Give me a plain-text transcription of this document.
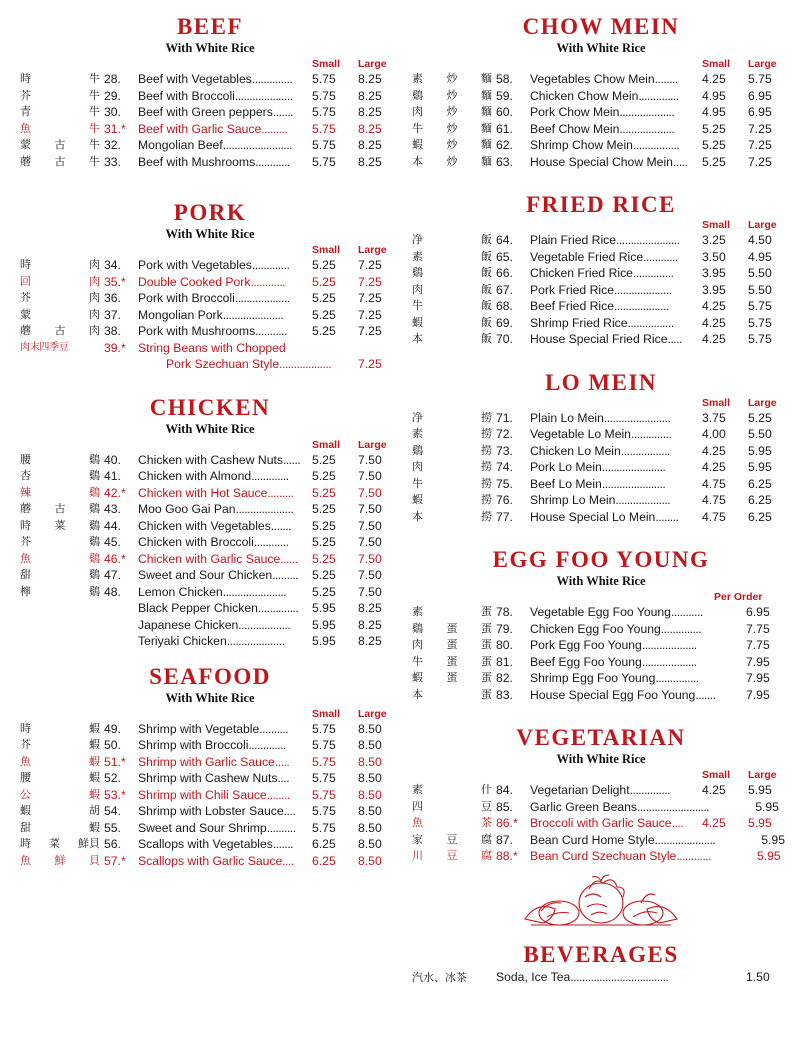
BEEF
With White Rice
Small	Large
時	牛 28.	Beef with Vegetables..............	5.75	8.25
芥	牛 29.	Beef with Broccoli....................	5.75	8.25
青	牛 30.	Beef with Green peppers.......	5.75	8.25
魚	牛 31.*	Beef with Garlic Sauce.........	5.75	8.25
蒙 古 牛 32.	Mongolian Beef........................	5.75	8.25
蘑 古 牛 33.	Beef with Mushrooms............	5.75	8.25
PORK
With White Rice
Small	Large
時	肉 34.	Pork with Vegetables.............	5.25	7.25
回	肉 35.*	Double Cooked Pork............	5.25	7.25
芥	肉 36.	Pork with Broccoli...................	5.25	7.25
蒙	肉 37.	Mongolian Pork.....................	5.25	7.25
蘑 古 肉 38.	Pork with Mushrooms...........	5.25	7.25
肉末四季豆	39.*	String Beans with Chopped
Pork Szechuan Style..................	7.25
CHICKEN
With White Rice
Small	Large
腰	鷄 40.	Chicken with Cashew Nuts...... 5.25	7.50
杏	鷄 41.	Chicken with Almond.............	5.25	7.50
辣	鷄 42.*	Chicken with Hot Sauce.........	5.25	7.50
蘑 古 鷄 43.	Moo Goo Gai Pan....................	5.25	7.50
時 菜 鷄 44.	Chicken with Vegetables.......	5.25	7.50
芥	鷄 45.	Chicken with Broccoli............	5.25	7.50
魚	鷄 46.*	Chicken with Garlic Sauce......	5.25	7.50
甜	鷄 47.	Sweet and Sour Chicken.........	5.25	7.50
檸	鷄 48.	Lemon Chicken......................	5.25	7.50
Black Pepper Chicken..............	5.95	8.25
Japanese Chicken..................	5.95	8.25
Teriyaki Chicken....................	5.95	8.25
SEAFOOD
With White Rice
Small	Large
時	蝦 49.	Shrimp with Vegetable..........	5.75	8.50
芥	蝦 50.	Shrimp with Broccoli.............	5.75	8.50
魚	蝦 51.*	Shrimp with Garlic Sauce.....	5.75	8.50
腰	蝦 52.	Shrimp with Cashew Nuts....	5.75	8.50
公	蝦 53.*	Shrimp with Chili Sauce........	5.75	8.50
蝦	胡 54.	Shrimp with Lobster Sauce....	5.75	8.50
甜	蝦 55.	Sweet and Sour Shrimp..........	5.75	8.50
時 菜 鮮貝 56.	Scallops with Vegetables.......	6.25	8.50
魚 鮮 貝 57.*	Scallops with Garlic Sauce....	6.25	8.50
CHOW MEIN
With White Rice
Small	Large
素 炒 麵 58.	Vegetables Chow Mein........	4.25	5.75
鷄 炒 麵 59.	Chicken Chow Mein..............	4.95	6.95
肉 炒 麵 60.	Pork Chow Mein...................	4.95	6.95
牛 炒 麵 61.	Beef Chow Mein...................	5.25	7.25
蝦 炒 麵 62.	Shrimp Chow Mein................	5.25	7.25
本 炒 麵 63.	House Special Chow Mein.....	5.25	7.25
FRIED RICE
Small	Large
净	飯 64.	Plain Fried Rice......................	3.25	4.50
素	飯 65.	Vegetable Fried Rice............	3.50	4.95
鷄	飯 66.	Chicken Fried Rice..............	3.95	5.50
肉	飯 67.	Pork Fried Rice....................	3.95	5.50
牛	飯 68.	Beef Fried Rice...................	4.25	5.75
蝦	飯 69.	Shrimp Fried Rice................	4.25	5.75
本	飯 70.	House Special Fried Rice.....	4.25	5.75
LO MEIN
Small	Large
净	撈 71.	Plain Lo Mein.......................	3.75	5.25
素	撈 72.	Vegetable Lo Mein..............	4.00	5.50
鷄	撈 73.	Chicken Lo Mein.................	4.25	5.95
肉	撈 74.	Pork Lo Mein......................	4.25	5.95
牛	撈 75.	Beef Lo Mein......................	4.75	6.25
蝦	撈 76.	Shrimp Lo Mein...................	4.75	6.25
本	撈 77.	House Special Lo Mein........	4.75	6.25
EGG FOO YOUNG
With White Rice
Per Order
素	蛋 78.	Vegetable Egg Foo Young...........	6.95
鷄 蛋 蛋 79.	Chicken Egg Foo Young..............	7.75
肉 蛋 蛋 80.	Pork Egg Foo Young...................	7.75
牛 蛋 蛋 81.	Beef Egg Foo Young...................	7.95
蝦 蛋 蛋 82.	Shrimp Egg Foo Young...............	7.95
本	蛋 83.	House Special Egg Foo Young.......	7.95
VEGETARIAN
With White Rice
Small	Large
素	什 84.	Vegetarian Delight..............	4.25	5.95
四	豆 85.	Garlic Green Beans.........................	5.95
魚	茶 86.*	Broccoli with Garlic Sauce....	4.25	5.95
家 豆 腐 87.	Bean Curd Home Style.....................	5.95
川 豆 腐 88.*	Bean Curd Szechuan Style............	5.95
BEVERAGES
汽水、冰茶	Soda, Ice Tea..................................	1.50
